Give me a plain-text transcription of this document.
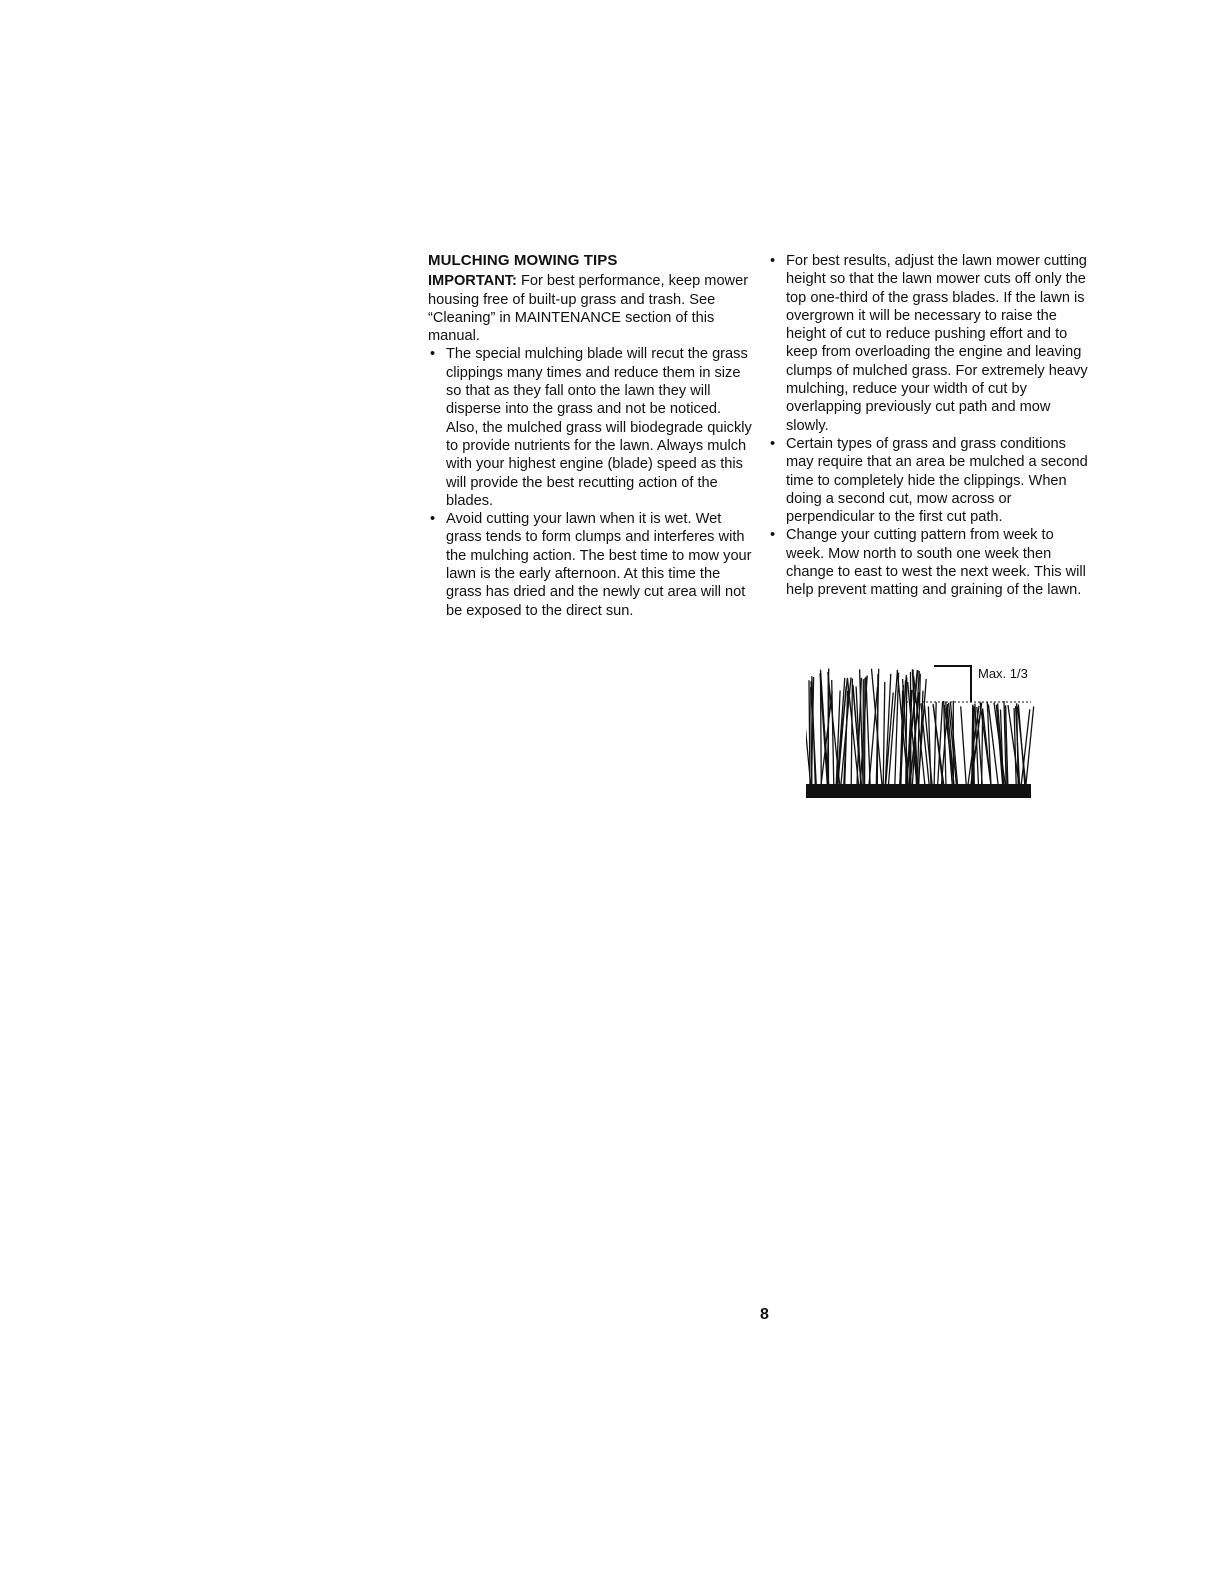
MULCHING MOWING TIPS

IMPORTANT: For best performance, keep mower housing free of built-up grass and trash. See “Cleaning” in MAINTENANCE section of this manual.

• The special mulching blade will recut the grass clippings many times and reduce them in size so that as they fall onto the lawn they will disperse into the grass and not be noticed. Also, the mulched grass will biodegrade quickly to provide nutrients for the lawn. Always mulch with your highest engine (blade) speed as this will provide the best recutting action of the blades.
• Avoid cutting your lawn when it is wet. Wet grass tends to form clumps and interferes with the mulching action. The best time to mow your lawn is the early afternoon. At this time the grass has dried and the newly cut area will not be exposed to the direct sun.
• For best results, adjust the lawn mower cutting height so that the lawn mower cuts off only the top one-third of the grass blades. If the lawn is overgrown it will be necessary to raise the height of cut to reduce pushing effort and to keep from overloading the engine and leaving clumps of mulched grass. For extremely heavy mulching, reduce your width of cut by overlapping previously cut path and mow slowly.
• Certain types of grass and grass conditions may require that an area be mulched a second time to completely hide the clippings. When doing a second cut, mow across or perpendicular to the first cut path.
• Change your cutting pattern from week to week. Mow north to south one week then change to east to west the next week. This will help prevent matting and graining of the lawn.
Max. 1/3
8
